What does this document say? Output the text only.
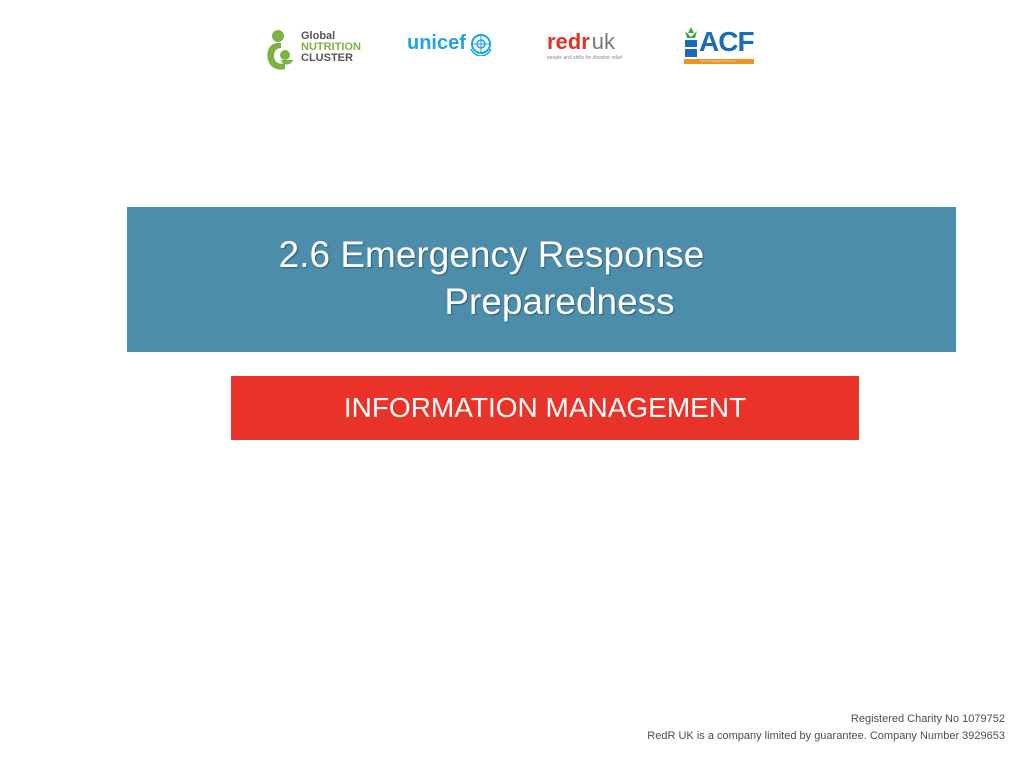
Global
NUTRITION
CLUSTER
unicef	redruk
people and skills for disaster relief
ACF
INTERNATIONAL
2.6 Emergency Response
Preparedness
INFORMATION MANAGEMENT
Registered Charity No 1079752
RedR UK is a company limited by guarantee. Company Number 3929653
